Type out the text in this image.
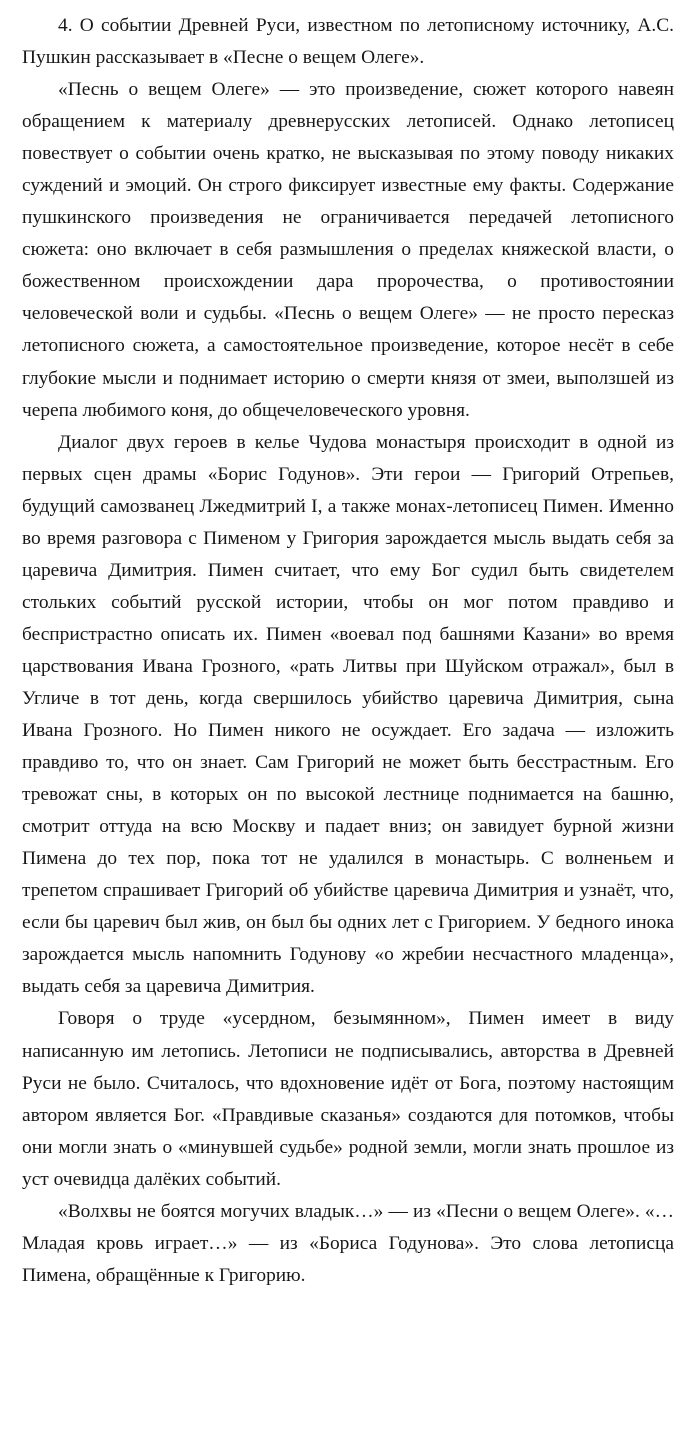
4. О событии Древней Руси, известном по летописному источнику, А.С. Пушкин рассказывает в «Песне о вещем Олеге».

«Песнь о вещем Олеге» — это произведение, сюжет которого навеян обращением к материалу древнерусских летописей. Однако летописец повествует о событии очень кратко, не высказывая по этому поводу никаких суждений и эмоций. Он строго фиксирует известные ему факты. Содержание пушкинского произведения не ограничивается передачей летописного сюжета: оно включает в себя размышления о пределах княжеской власти, о божественном происхождении дара пророчества, о противостоянии человеческой воли и судьбы. «Песнь о вещем Олеге» — не просто пересказ летописного сюжета, а самостоятельное произведение, которое несёт в себе глубокие мысли и поднимает историю о смерти князя от змеи, выползшей из черепа любимого коня, до общечеловеческого уровня.

Диалог двух героев в келье Чудова монастыря происходит в одной из первых сцен драмы «Борис Годунов». Эти герои — Григорий Отрепьев, будущий самозванец Лжедмитрий I, а также монах-летописец Пимен. Именно во время разговора с Пименом у Григория зарождается мысль выдать себя за царевича Димитрия. Пимен считает, что ему Бог судил быть свидетелем стольких событий русской истории, чтобы он мог потом правдиво и беспристрастно описать их. Пимен «воевал под башнями Казани» во время царствования Ивана Грозного, «рать Литвы при Шуйском отражал», был в Угличе в тот день, когда свершилось убийство царевича Димитрия, сына Ивана Грозного. Но Пимен никого не осуждает. Его задача — изложить правдиво то, что он знает. Сам Григорий не может быть бесстрастным. Его тревожат сны, в которых он по высокой лестнице поднимается на башню, смотрит оттуда на всю Москву и падает вниз; он завидует бурной жизни Пимена до тех пор, пока тот не удалился в монастырь. С волненьем и трепетом спрашивает Григорий об убийстве царевича Димитрия и узнаёт, что, если бы царевич был жив, он был бы одних лет с Григорием. У бедного инока зарождается мысль напомнить Годунову «о жребии несчастного младенца», выдать себя за царевича Димитрия.

Говоря о труде «усердном, безымянном», Пимен имеет в виду написанную им летопись. Летописи не подписывались, авторства в Древней Руси не было. Считалось, что вдохновение идёт от Бога, поэтому настоящим автором является Бог. «Правдивые сказанья» создаются для потомков, чтобы они могли знать о «минувшей судьбе» родной земли, могли знать прошлое из уст очевидца далёких событий.

«Волхвы не боятся могучих владык…» — из «Песни о вещем Олеге». «…Младая кровь играет…» — из «Бориса Годунова». Это слова летописца Пимена, обращённые к Григорию.
